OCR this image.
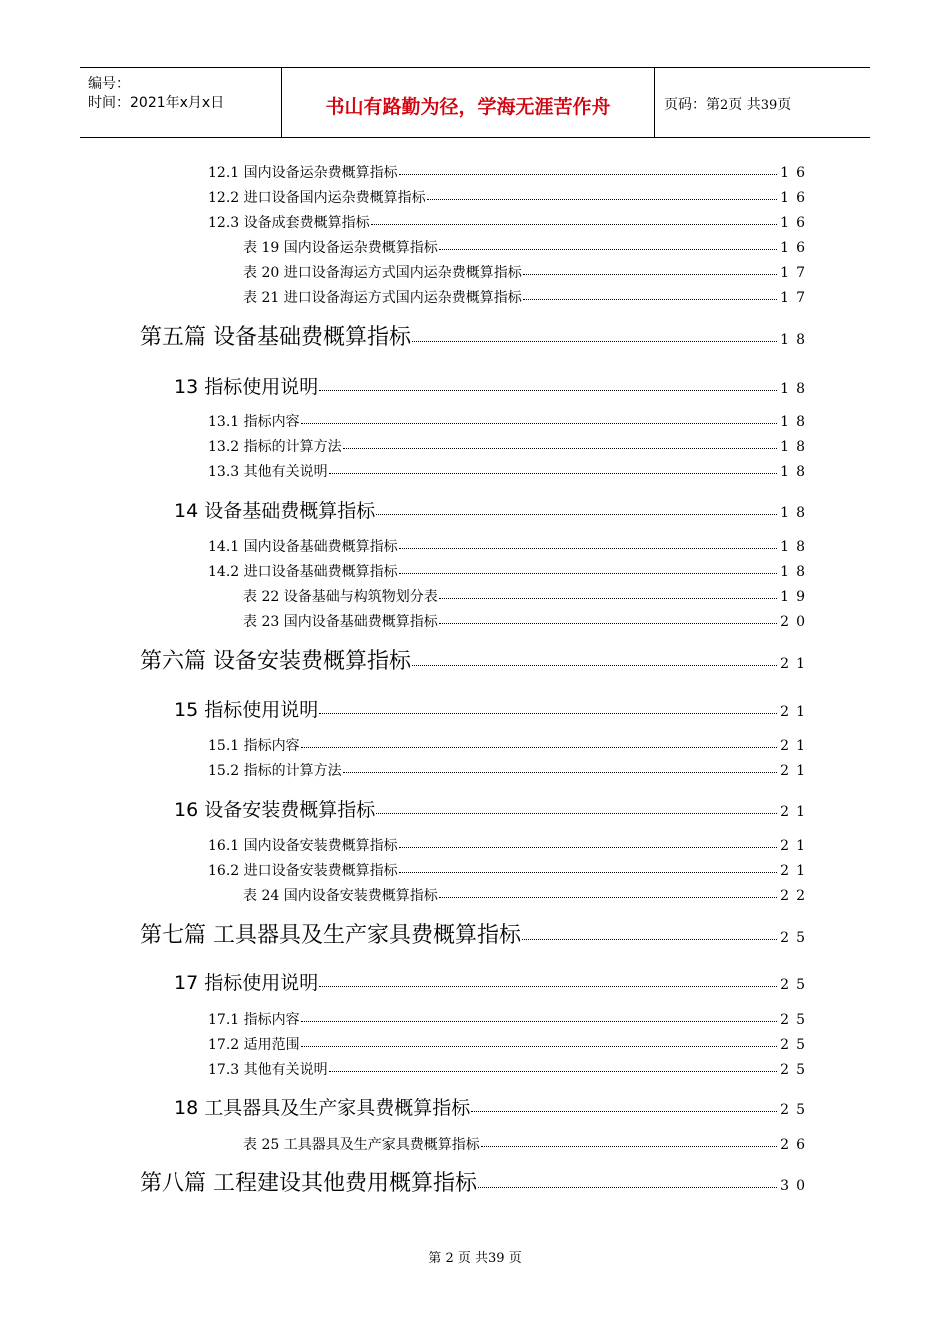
编号：
时间：2021年x月x日	书山有路勤为径，学海无涯苦作舟	页码：第2页 共39页
12.1 国内设备运杂费概算指标	16
12.2 进口设备国内运杂费概算指标	16
12.3 设备成套费概算指标	16
表 19 国内设备运杂费概算指标	16
表 20 进口设备海运方式国内运杂费概算指标	17
表 21 进口设备海运方式国内运杂费概算指标	17
第五篇 设备基础费概算指标	18
13 指标使用说明	18
13.1 指标内容	18
13.2 指标的计算方法	18
13.3 其他有关说明	18
14 设备基础费概算指标	18
14.1 国内设备基础费概算指标	18
14.2 进口设备基础费概算指标	18
表 22 设备基础与构筑物划分表	19
表 23 国内设备基础费概算指标	20
第六篇 设备安装费概算指标	21
15 指标使用说明	21
15.1 指标内容	21
15.2 指标的计算方法	21
16 设备安装费概算指标	21
16.1 国内设备安装费概算指标	21
16.2 进口设备安装费概算指标	21
表 24 国内设备安装费概算指标	22
第七篇 工具器具及生产家具费概算指标	25
17 指标使用说明	25
17.1 指标内容	25
17.2 适用范围	25
17.3 其他有关说明	25
18 工具器具及生产家具费概算指标	25
表 25 工具器具及生产家具费概算指标	26
第八篇 工程建设其他费用概算指标	30
第 2 页 共39 页
